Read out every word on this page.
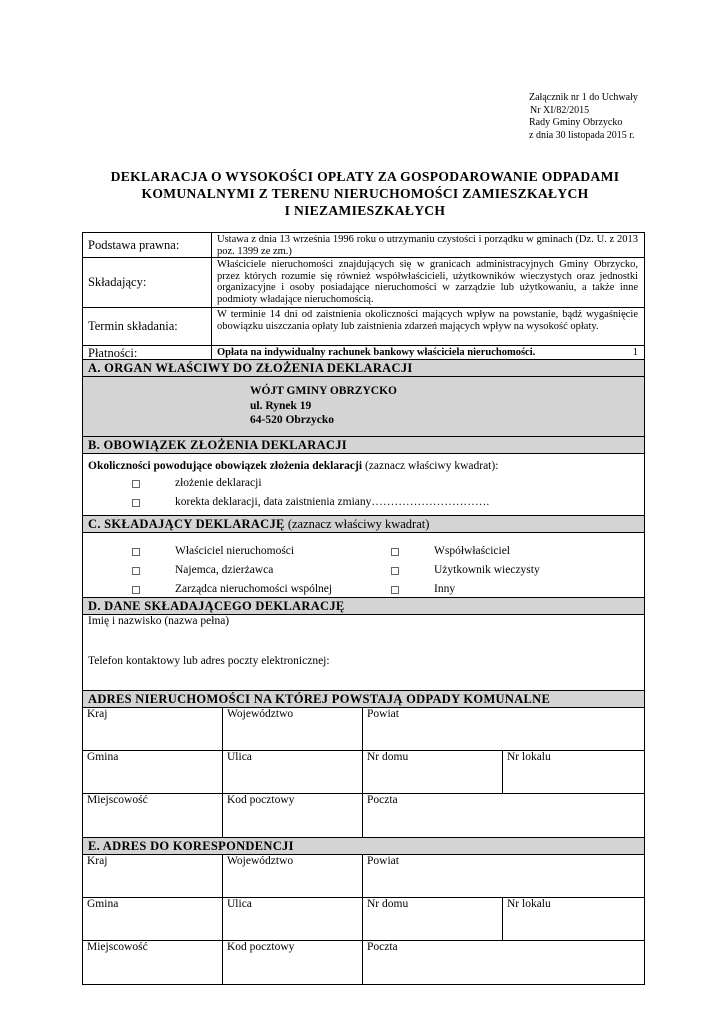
Załącznik nr 1 do Uchwały
Nr XI/82/2015
Rady Gminy Obrzycko
z dnia 30 listopada 2015 r.
DEKLARACJA O WYSOKOŚCI OPŁATY ZA GOSPODAROWANIE ODPADAMI
KOMUNALNYMI Z TERENU NIERUCHOMOŚCI ZAMIESZKAŁYCH
I NIEZAMIESZKAŁYCH
Podstawa prawna:	Ustawa z dnia 13 września 1996 roku o utrzymaniu czystości i porządku w gminach (Dz. U. z 2013 poz. 1399 ze zm.)
Składający:
Właściciele nieruchomości znajdujących się w granicach administracyjnych Gminy Obrzycko, przez których rozumie się również współwłaścicieli, użytkowników wieczystych oraz jednostki organizacyjne i osoby posiadające nieruchomości w zarządzie lub użytkowaniu, a także inne podmioty władające nieruchomością.
Termin składania:
W terminie 14 dni od zaistnienia okoliczności mających wpływ na powstanie, bądź wygaśnięcie obowiązku uiszczania opłaty lub zaistnienia zdarzeń mających wpływ na wysokość opłaty.
Płatności:	Opłata na indywidualny rachunek bankowy właściciela nieruchomości.	1
A. ORGAN WŁAŚCIWY DO ZŁOŻENIA DEKLARACJI
WÓJT GMINY OBRZYCKO
ul. Rynek 19
64-520 Obrzycko
B. OBOWIĄZEK ZŁOŻENIA DEKLARACJI
Okoliczności powodujące obowiązek złożenia deklaracji (zaznacz właściwy kwadrat):
złożenie deklaracji
korekta deklaracji, data zaistnienia zmiany………………………….
C. SKŁADAJĄCY DEKLARACJĘ (zaznacz właściwy kwadrat)
Właściciel nieruchomości
Najemca, dzierżawca
Zarządca nieruchomości wspólnej
Współwłaściciel
Użytkownik wieczysty
Inny
D. DANE SKŁADAJĄCEGO DEKLARACJĘ
Imię i nazwisko (nazwa pełna)
Telefon kontaktowy lub adres poczty elektronicznej:
ADRES NIERUCHOMOŚCI NA KTÓREJ POWSTAJĄ ODPADY KOMUNALNE
Kraj	Województwo	Powiat
Gmina	Ulica	Nr domu	Nr lokalu
Miejscowość	Kod pocztowy	Poczta
E. ADRES DO KORESPONDENCJI
Kraj	Województwo	Powiat
Gmina	Ulica	Nr domu	Nr lokalu
Miejscowość	Kod pocztowy	Poczta
